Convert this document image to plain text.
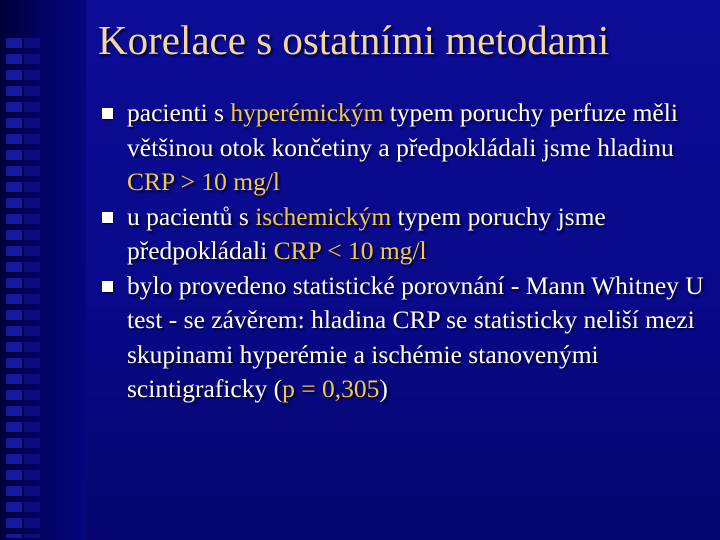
Korelace s ostatními metodami
pacienti s hyperémickým typem poruchy perfuze měli většinou otok končetiny a předpokládali jsme hladinu CRP > 10 mg/l
u pacientů s ischemickým typem poruchy jsme předpokládali CRP < 10 mg/l
bylo provedeno statistické porovnání - Mann Whitney U test - se závěrem: hladina CRP se statisticky neliší mezi skupinami hyperémie a ischémie stanovenými scintigraficky (p = 0,305)
